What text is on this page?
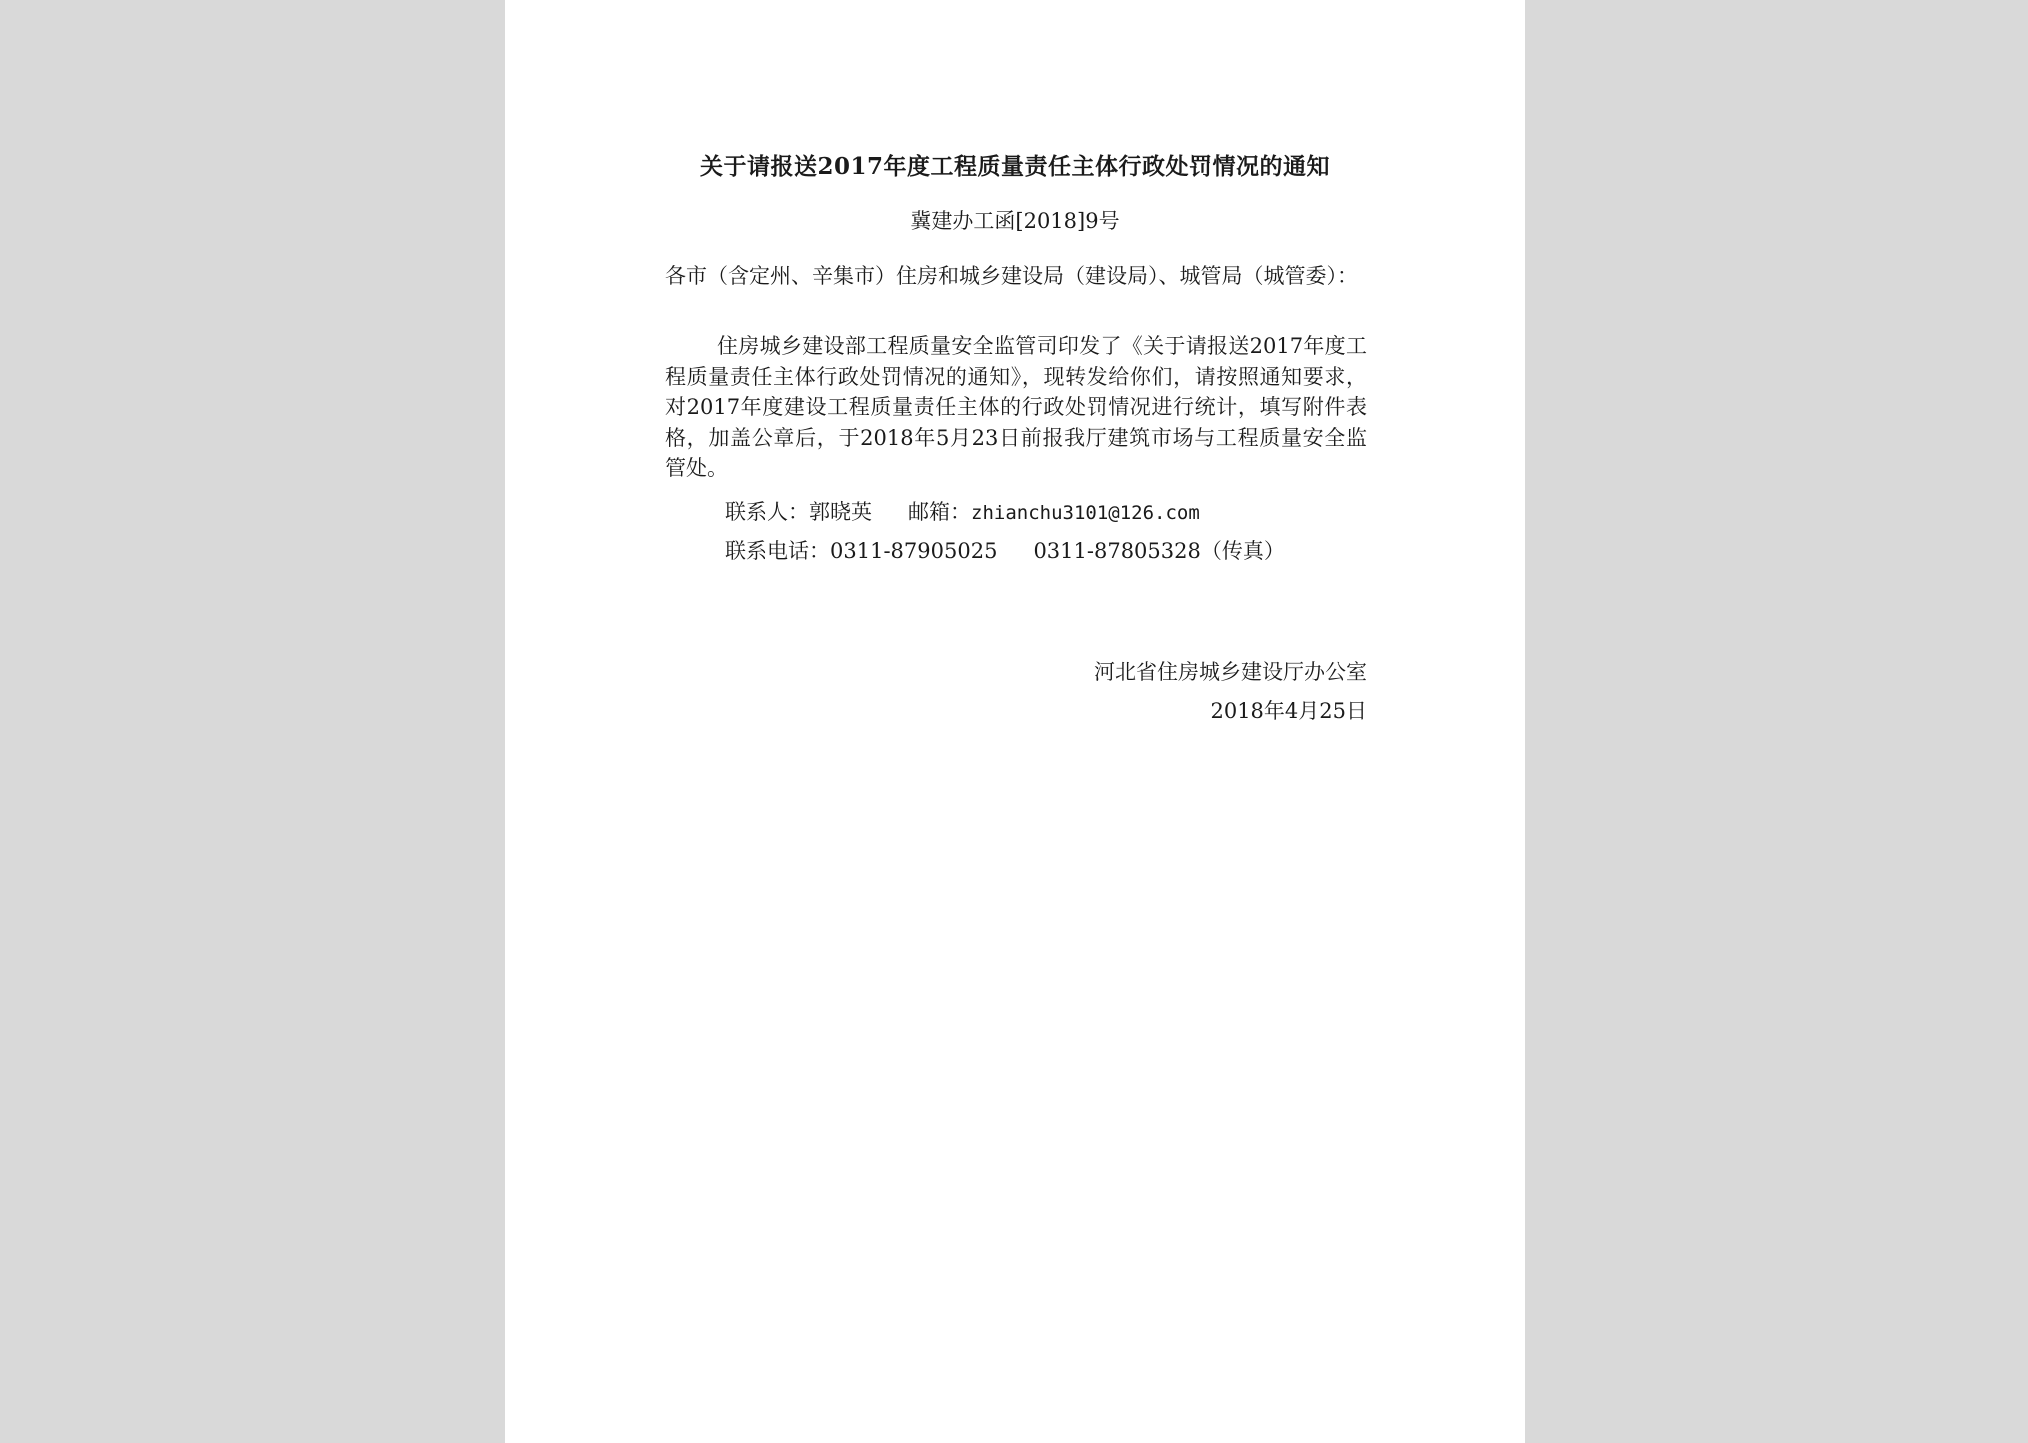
关于请报送2017年度工程质量责任主体行政处罚情况的通知
冀建办工函[2018]9号
各市（含定州、辛集市）住房和城乡建设局（建设局）、城管局（城管委）：
住房城乡建设部工程质量安全监管司印发了《关于请报送2017年度工程质量责任主体行政处罚情况的通知》，现转发给你们，请按照通知要求，对2017年度建设工程质量责任主体的行政处罚情况进行统计，填写附件表格，加盖公章后，于2018年5月23日前报我厅建筑市场与工程质量安全监管处。
联系人：郭晓英 邮箱：zhianchu3101@126.com
联系电话：0311-87905025 0311-87805328（传真）
河北省住房城乡建设厅办公室
2018年4月25日
